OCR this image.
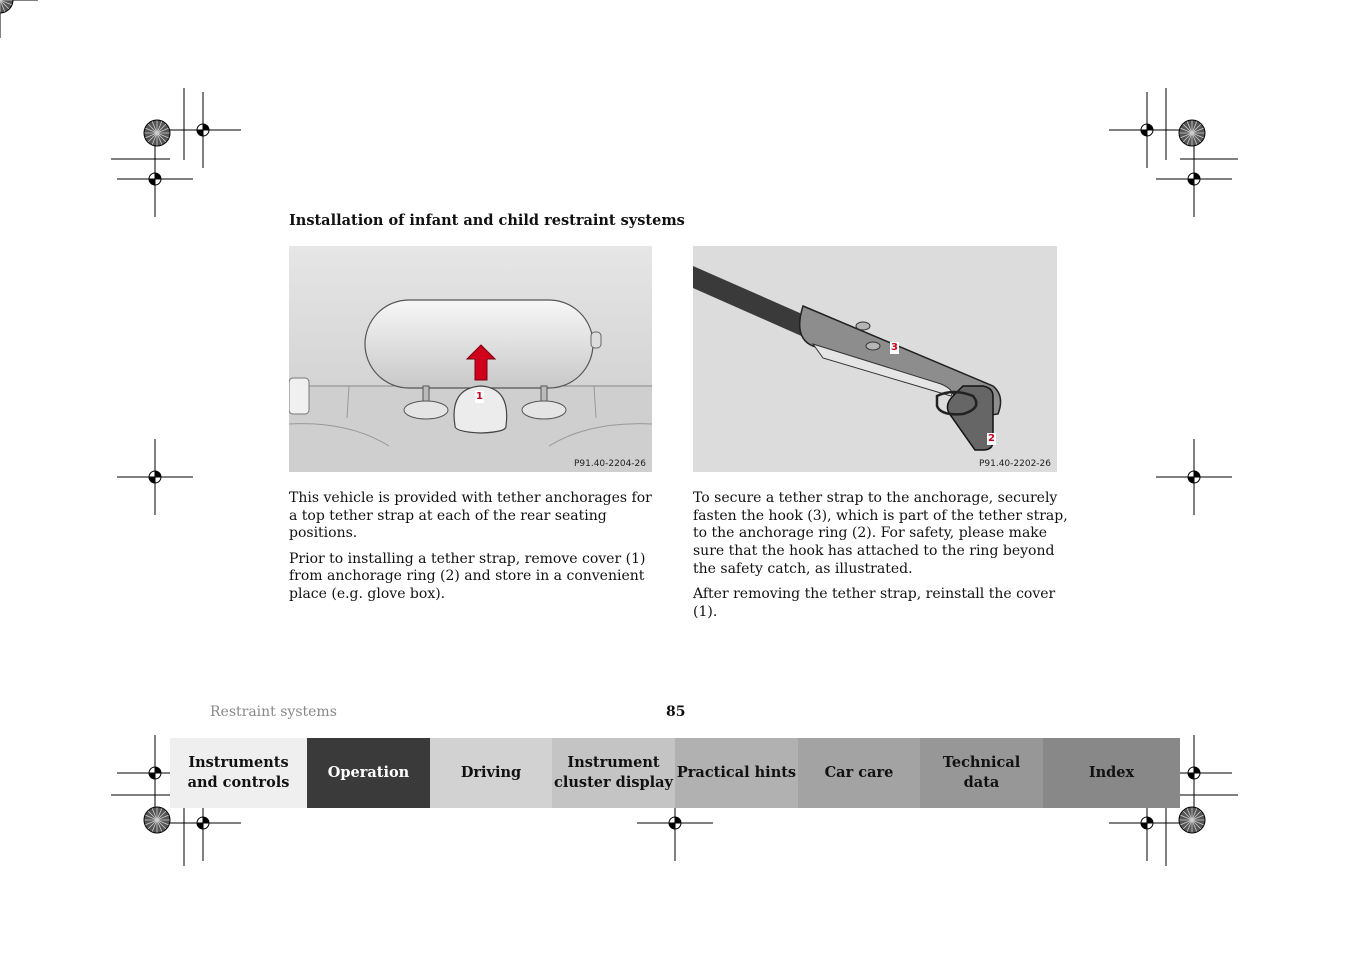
Installation of infant and child restraint systems
1
P91.40-2204-26
3
2
P91.40-2202-26

This vehicle is provided with tether anchorages for a top tether strap at each of the rear seating positions.

Prior to installing a tether strap, remove cover (1) from anchorage ring (2) and store in a convenient place (e.g. glove box).

To secure a tether strap to the anchorage, securely fasten the hook (3), which is part of the tether strap, to the anchorage ring (2). For safety, please make sure that the hook has attached to the ring beyond the safety catch, as illustrated.

After removing the tether strap, reinstall the cover (1).

Restraint systems	85
Instruments
and controls
Operation	Driving
Instrument
cluster display
Practical hints	Car care
Technical
data
Index
